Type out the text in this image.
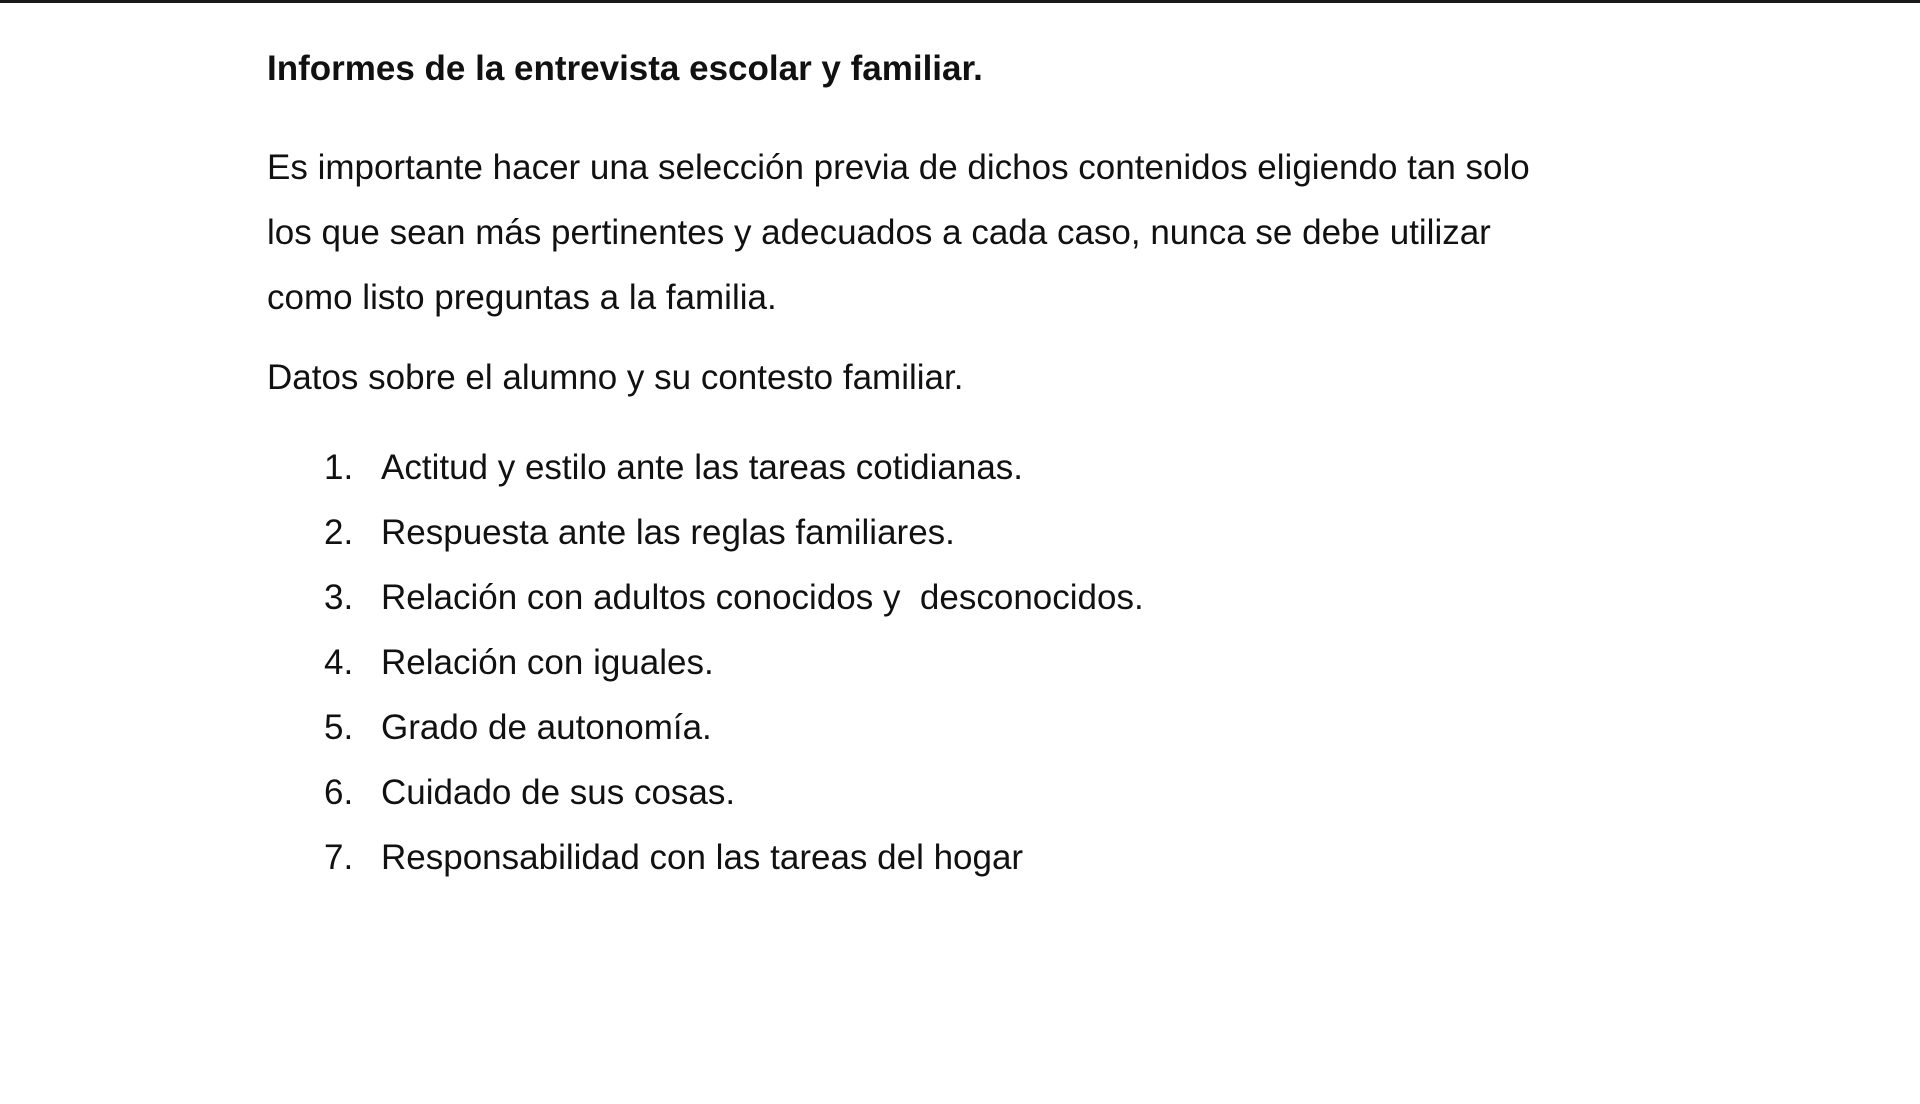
Informes de la entrevista escolar y familiar.

Es importante hacer una selección previa de dichos contenidos eligiendo tan solo
los que sean más pertinentes y adecuados a cada caso, nunca se debe utilizar
como listo preguntas a la familia.

Datos sobre el alumno y su contesto familiar.

1. Actitud y estilo ante las tareas cotidianas.
2. Respuesta ante las reglas familiares.
3. Relación con adultos conocidos y  desconocidos.
4. Relación con iguales.
5. Grado de autonomía.
6. Cuidado de sus cosas.
7. Responsabilidad con las tareas del hogar
